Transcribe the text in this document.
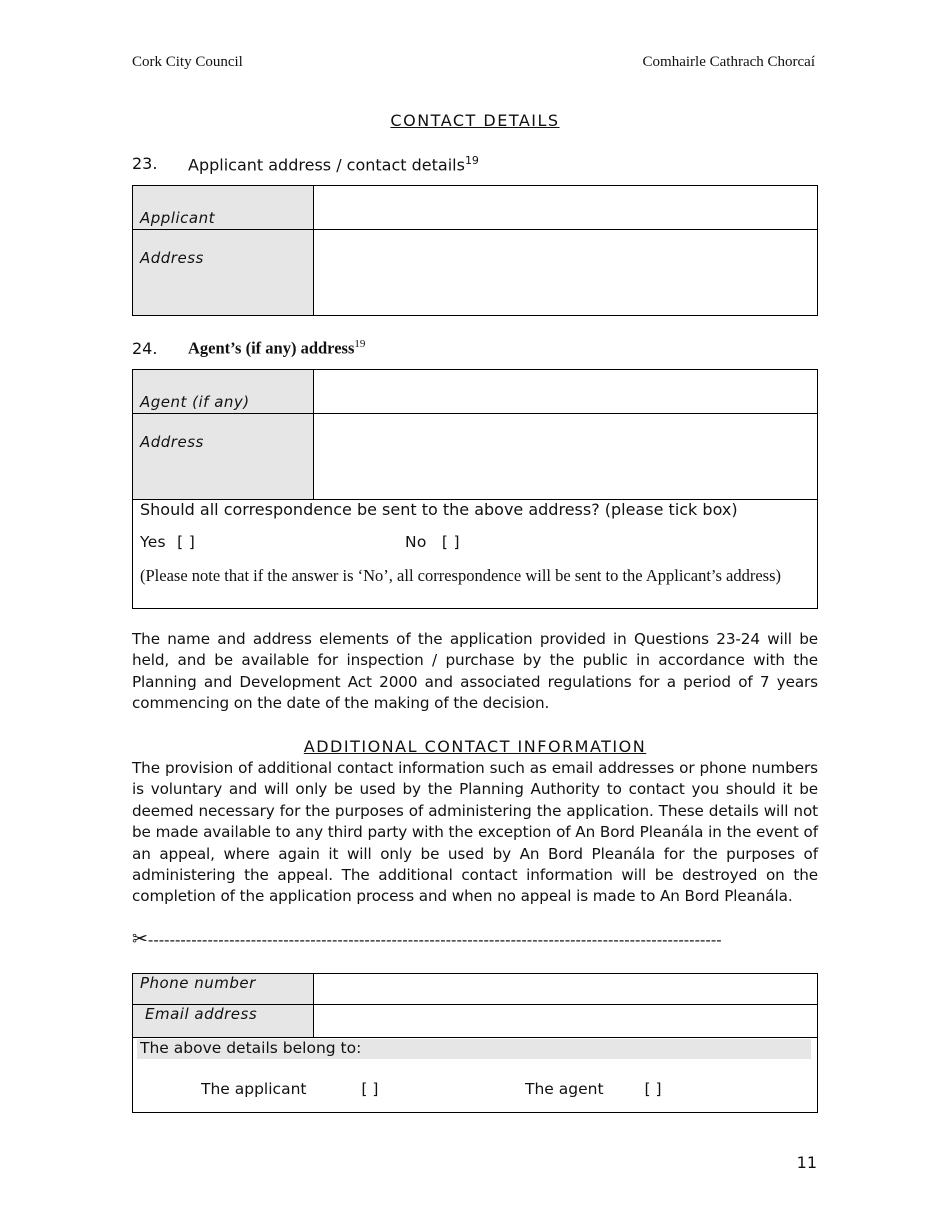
Cork City Council	Comhairle Cathrach Chorcaí
CONTACT DETAILS
23. Applicant address / contact details$^{19}$
Applicant	

Address	

24. Agent’s (if any) address$^{19}$
Agent (if any)	

Address	

Should all correspondence be sent to the above address? (please tick box)
Yes [ ] No [ ]
(Please note that if the answer is ‘No’, all correspondence will be sent to the Applicant’s address)	
The name and address elements of the application provided in Questions 23-24 will be held, and be available for inspection / purchase by the public in accordance with the Planning and Development Act 2000 and associated regulations for a period of 7 years commencing on the date of the making of the decision.
ADDITIONAL CONTACT INFORMATION
The provision of additional contact information such as email addresses or phone numbers is voluntary and will only be used by the Planning Authority to contact you should it be deemed necessary for the purposes of administering the application. These details will not be made available to any third party with the exception of An Bord Pleanála in the event of an appeal, where again it will only be used by An Bord Pleanála for the purposes of administering the appeal. The additional contact information will be destroyed on the completion of the application process and when no appeal is made to An Bord Pleanála.
✂----------------------------------------------------------------------------------------------------------
Phone number	

Email address	

The above details belong to:
The applicant [ ] The agent [ ]	
11
